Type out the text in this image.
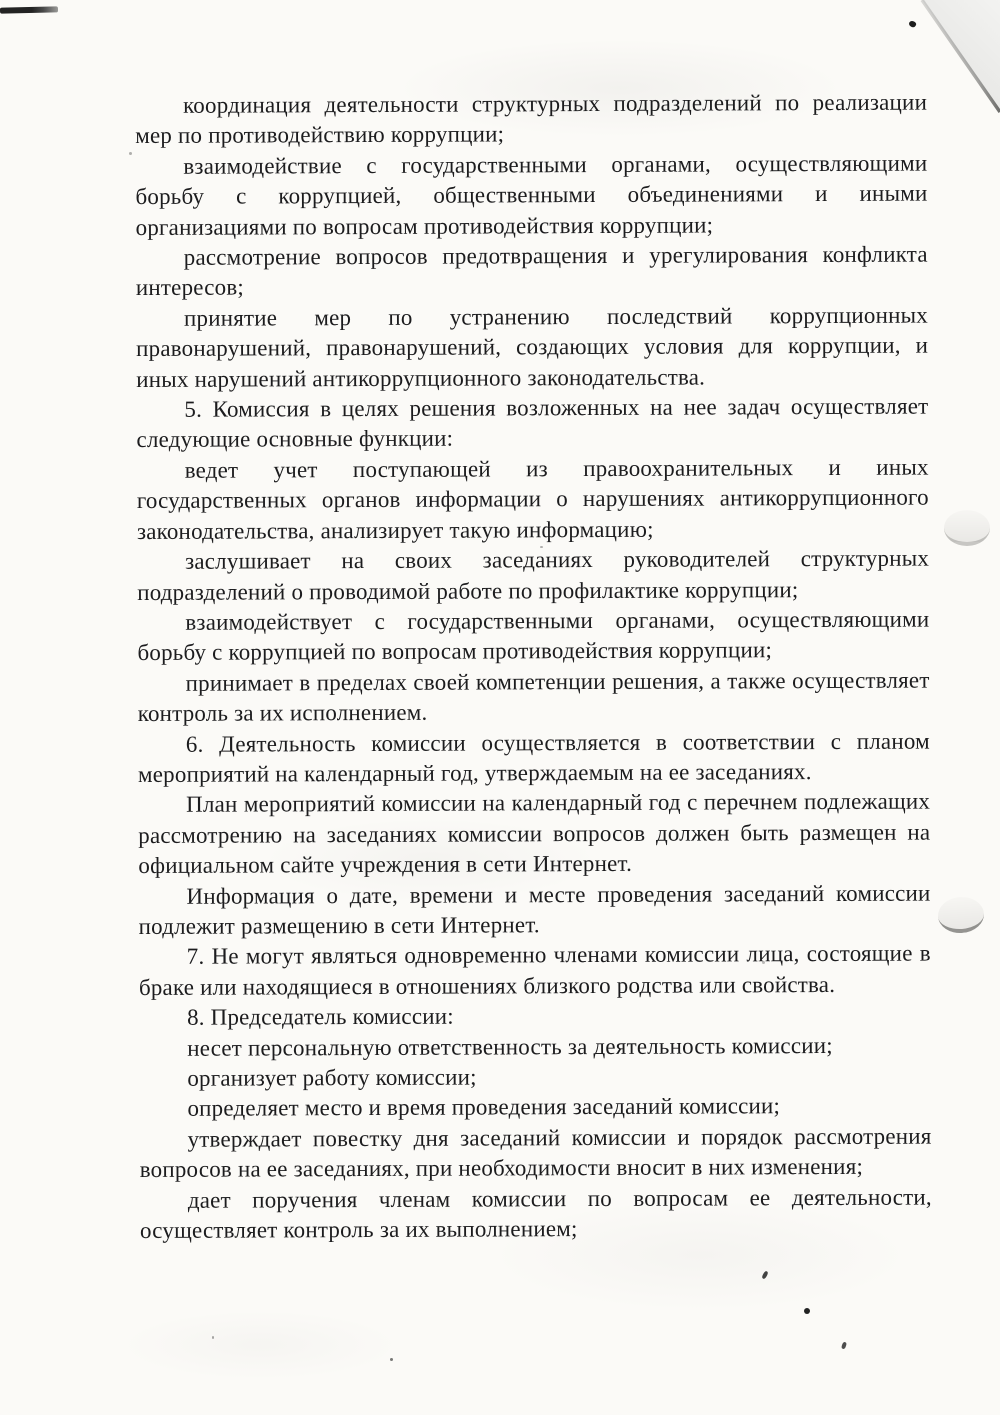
координация деятельности структурных подразделений по реализации мер по противодействию коррупции;

взаимодействие с государственными органами, осуществляющими борьбу с коррупцией, общественными объединениями и иными организациями по вопросам противодействия коррупции;

рассмотрение вопросов предотвращения и урегулирования конфликта интересов;

принятие мер по устранению последствий коррупционных правонарушений, правонарушений, создающих условия для коррупции, и иных нарушений антикоррупционного законодательства.

5. Комиссия в целях решения возложенных на нее задач осуществляет следующие основные функции:

ведет учет поступающей из правоохранительных и иных государственных органов информации о нарушениях антикоррупционного законодательства, анализирует такую информацию;

заслушивает на своих заседаниях руководителей структурных подразделений о проводимой работе по профилактике коррупции;

взаимодействует с государственными органами, осуществляющими борьбу с коррупцией по вопросам противодействия коррупции;

принимает в пределах своей компетенции решения, а также осуществляет контроль за их исполнением.

6. Деятельность комиссии осуществляется в соответствии с планом мероприятий на календарный год, утверждаемым на ее заседаниях.

План мероприятий комиссии на календарный год с перечнем подлежащих рассмотрению на заседаниях комиссии вопросов должен быть размещен на официальном сайте учреждения в сети Интернет.

Информация о дате, времени и месте проведения заседаний комиссии подлежит размещению в сети Интернет.

7. Не могут являться одновременно членами комиссии лица, состоящие в браке или находящиеся в отношениях близкого родства или свойства.

8. Председатель комиссии:

несет персональную ответственность за деятельность комиссии;

организует работу комиссии;

определяет место и время проведения заседаний комиссии;

утверждает повестку дня заседаний комиссии и порядок рассмотрения вопросов на ее заседаниях, при необходимости вносит в них изменения;

дает поручения членам комиссии по вопросам ее деятельности, осуществляет контроль за их выполнением;
